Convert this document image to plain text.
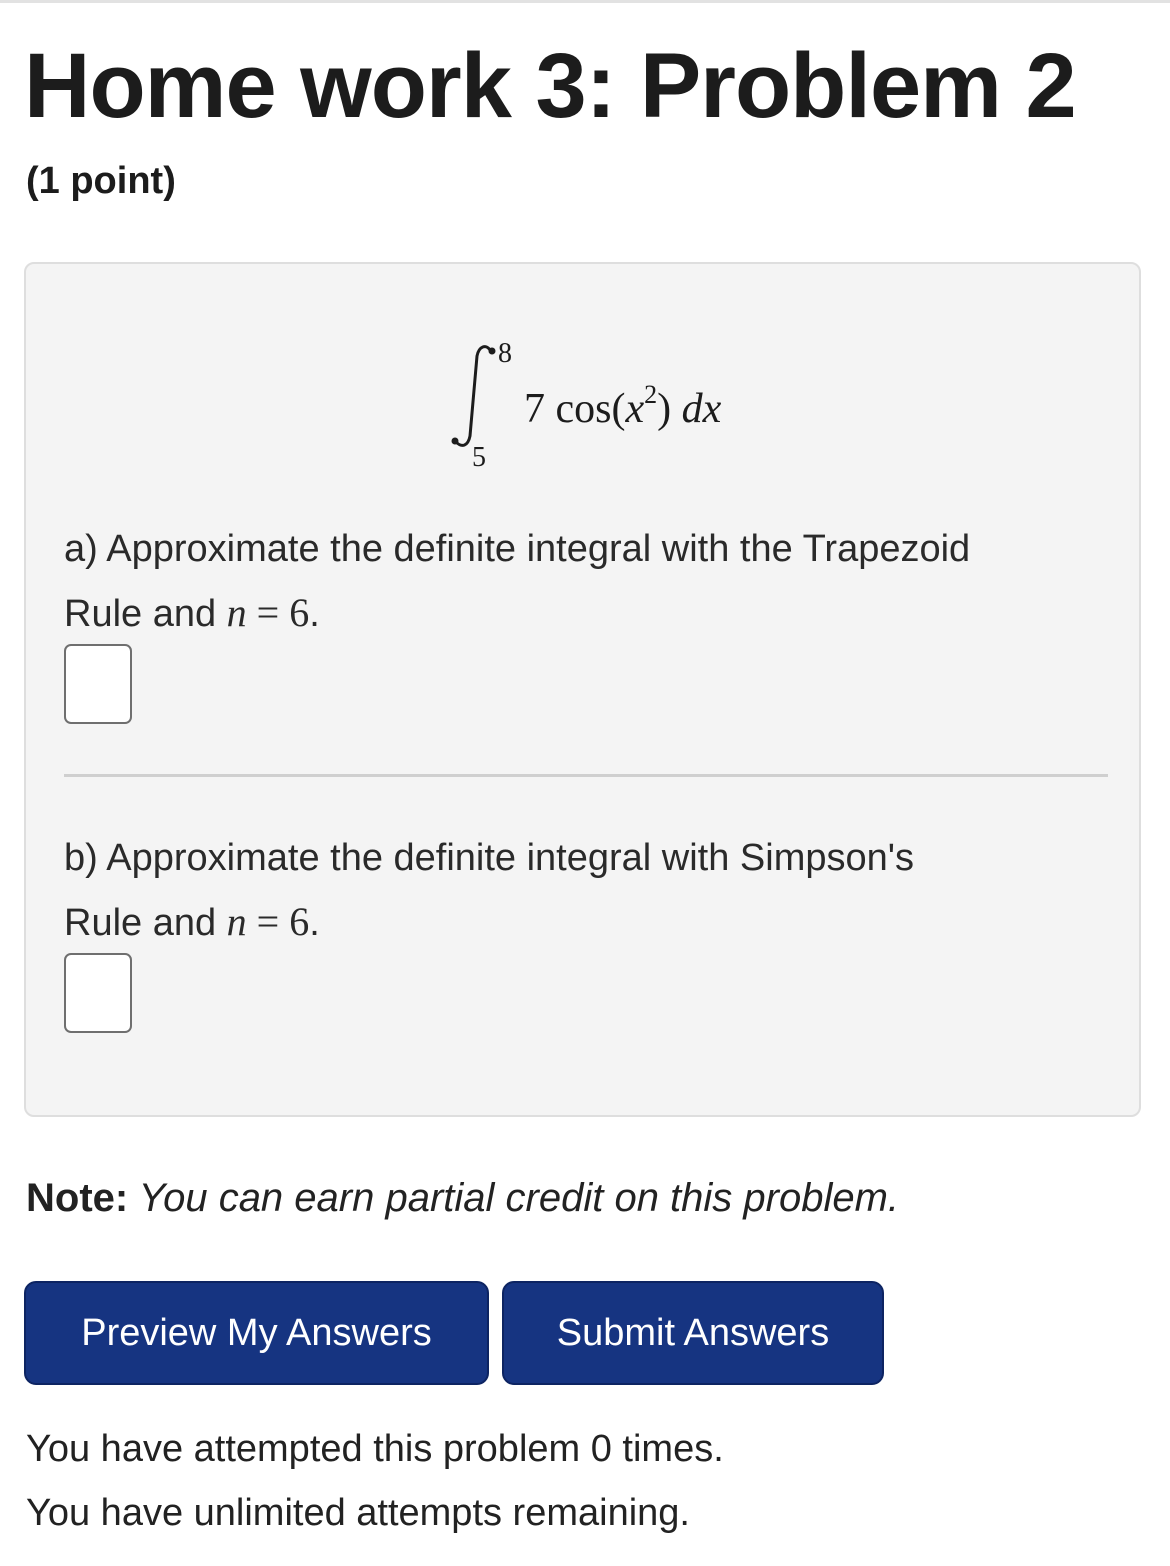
Home work 3: Problem 2
(1 point)
8
5
7 $\cos(x^2)$ dx
a) Approximate the definite integral with the Trapezoid
Rule and n = 6.
b) Approximate the definite integral with Simpson's
Rule and n = 6.
Note: You can earn partial credit on this problem.
Preview My Answers	Submit Answers
You have attempted this problem 0 times.
You have unlimited attempts remaining.
